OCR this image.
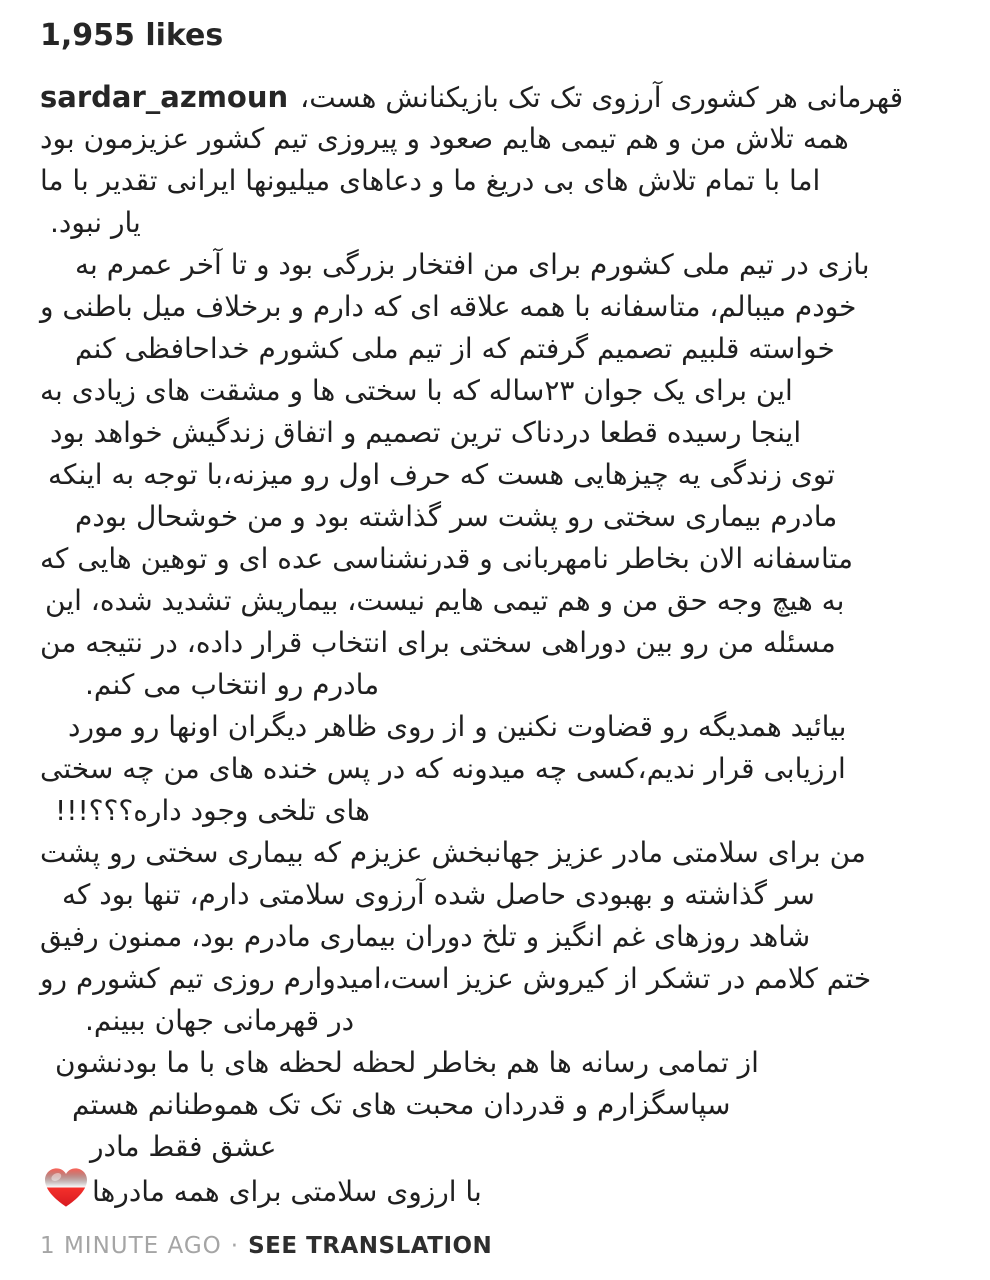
1,955 likes
sardar_azmoun قهرمانی هر کشوری آرزوی تک تک بازیکنانش هست،
همه تلاش من و هم تیمی هایم صعود و پیروزی تیم کشور عزیزمون بود
اما با تمام تلاش های بی دریغ ما و دعاهای میلیونها ایرانی تقدیر با ما
یار نبود.
بازی در تیم ملی کشورم برای من افتخار بزرگی بود و تا آخر عمرم به
خودم میبالم، متاسفانه با همه علاقه ای که دارم و برخلاف میل باطنی و
خواسته قلبیم تصمیم گرفتم که از تیم ملی کشورم خداحافظی کنم
این برای یک جوان ۲۳ساله که با سختی ها و مشقت های زیادی به
اینجا رسیده قطعا دردناک ترین تصمیم و اتفاق زندگیش خواهد بود
توی زندگی یه چیزهایی هست که حرف اول رو میزنه،با توجه به اینکه
مادرم بیماری سختی رو پشت سر گذاشته بود و من خوشحال بودم
متاسفانه الان بخاطر نامهربانی و قدرنشناسی عده ای و توهین هایی که
به هیچ وجه حق من و هم تیمی هایم نیست، بیماریش تشدید شده، این
مسئله من رو بین دوراهی سختی برای انتخاب قرار داده، در نتیجه من
مادرم رو انتخاب می کنم.
بیائید همدیگه رو قضاوت نکنین و از روی ظاهر دیگران اونها رو مورد
ارزیابی قرار ندیم،کسی چه میدونه که در پس خنده های من چه سختی
های تلخی وجود داره؟؟؟!!!
من برای سلامتی مادر عزیز جهانبخش عزیزم که بیماری سختی رو پشت
سر گذاشته و بهبودی حاصل شده آرزوی سلامتی دارم، تنها بود که
شاهد روزهای غم انگیز و تلخ دوران بیماری مادرم بود، ممنون رفیق
ختم کلامم در تشکر از کیروش عزیز است،امیدوارم روزی تیم کشورم رو
در قهرمانی جهان ببینم.
از تمامی رسانه ها هم بخاطر لحظه لحظه های با ما بودنشون
سپاسگزارم و قدردان محبت های تک تک هموطنانم هستم
عشق فقط مادر
با ارزوی سلامتی برای همه مادرها
1 MINUTE AGO · SEE TRANSLATION
